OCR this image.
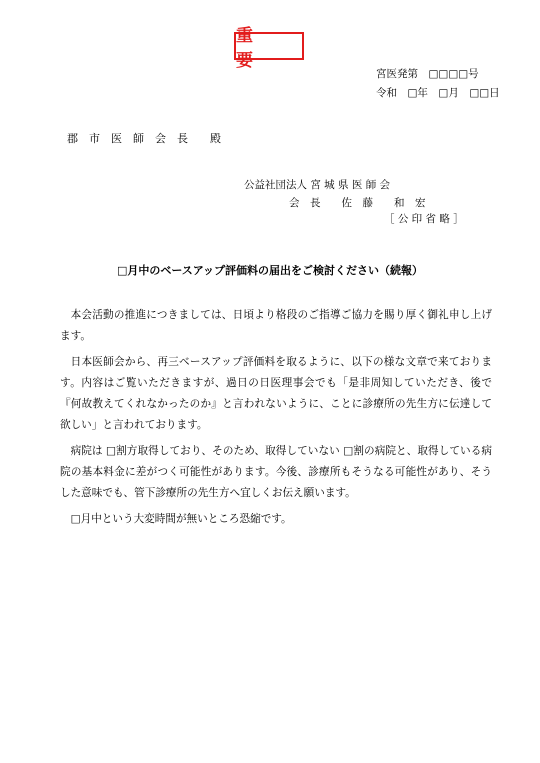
重　要
宮医発第　□□□□号
令和　□年　□月　□□日
郡　市　医　師　会　長　　殿
公益社団法人 宮 城 県 医 師 会
会　長　　佐　藤　　和　宏
［ 公 印 省 略 ］
□月中のベースアップ評価料の届出をご検討ください（続報）

本会活動の推進につきましては、日頃より格段のご指導ご協力を賜り厚く御礼申し上げます。

日本医師会から、再三ベースアップ評価料を取るように、以下の様な文章で来ております。内容はご覧いただきますが、過日の日医理事会でも「是非周知していただき、後で『何故教えてくれなかったのか』と言われないように、ことに診療所の先生方に伝達して欲しい」と言われております。

病院は □割方取得しており、そのため、取得していない □割の病院と、取得している病院の基本料金に差がつく可能性があります。今後、診療所もそうなる可能性があり、そうした意味でも、管下診療所の先生方へ宜しくお伝え願います。

□月中という大変時間が無いところ恐縮です。
